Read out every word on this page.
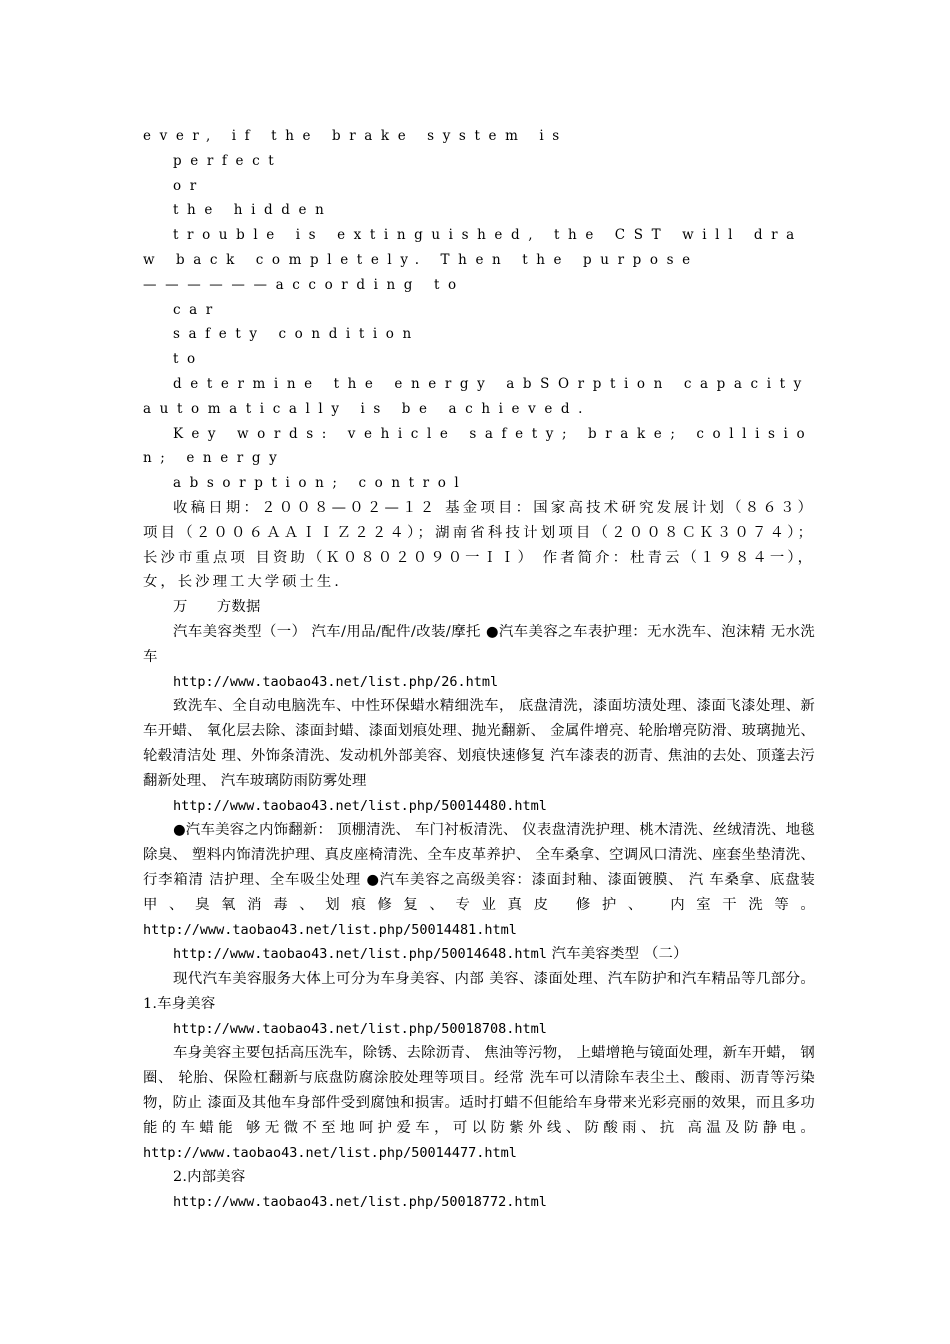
ever, if the brake system is

perfect

or

the hidden

trouble is extinguished, the CST will draw back completely. Then the purpose——————according to

car

safety condition

to

determine the energy abSOrption capacity automatically is be achieved.

Key words: vehicle safety; brake; collision; energy

absorption; control

收稿日期：２００８—０２—１２ 基金项目：国家高技术研究发展计划（８６３）项目（２００６ＡＡＩＩＺ２２４）；湖南省科技计划项目（２００８ＣＫ３０７４）；长沙市重点项 目资助（Ｋ０８０２０９０一ＩＩ） 作者简介：杜青云（１９８４一），女，长沙理工大学硕士生.

万　　方数据

汽车美容类型（一） 汽车/用品/配件/改装/摩托 ●汽车美容之车表护理：无水洗车、泡沫精 无水洗车

http://www.taobao43.net/list.php/26.html

致洗车、全自动电脑洗车、中性环保蜡水精细洗车， 底盘清洗，漆面坊渍处理、漆面飞漆处理、新车开蜡、 氧化层去除、漆面封蜡、漆面划痕处理、抛光翻新、 金属件增亮、轮胎增亮防滑、玻璃抛光、轮毂清洁处 理、外饰条清洗、发动机外部美容、划痕快速修复 汽车漆表的沥青、焦油的去处、顶蓬去污翻新处理、 汽车玻璃防雨防雾处理

http://www.taobao43.net/list.php/50014480.html

●汽车美容之内饰翻新： 顶棚清洗、 车门衬板清洗、 仪表盘清洗护理、桃木清洗、丝绒清洗、地毯除臭、 塑料内饰清洗护理、真皮座椅清洗、全车皮革养护、 全车桑拿、空调风口清洗、座套坐垫清洗、行李箱清 洁护理、全车吸尘处理 ●汽车美容之高级美容：漆面封釉、漆面镀膜、 汽 车桑拿、底盘装甲、臭氧消毒、划痕修复、专业真皮 修护、 内室干洗等。 http://www.taobao43.net/list.php/50014481.html

http://www.taobao43.net/list.php/50014648.html 汽车美容类型 （二）

现代汽车美容服务大体上可分为车身美容、内部 美容、漆面处理、汽车防护和汽车精品等几部分。 1.车身美容

http://www.taobao43.net/list.php/50018708.html

车身美容主要包括高压洗车，除锈、去除沥青、 焦油等污物， 上蜡增艳与镜面处理，新车开蜡， 钢圈、 轮胎、保险杠翻新与底盘防腐涂胶处理等项目。经常 洗车可以清除车表尘土、酸雨、沥青等污染物，防止 漆面及其他车身部件受到腐蚀和损害。适时打蜡不但能给车身带来光彩亮丽的效果，而且多功能的车蜡能 够无微不至地呵护爱车，可以防紫外线、防酸雨、抗 高温及防静电。http://www.taobao43.net/list.php/50014477.html

2.内部美容

http://www.taobao43.net/list.php/50018772.html
